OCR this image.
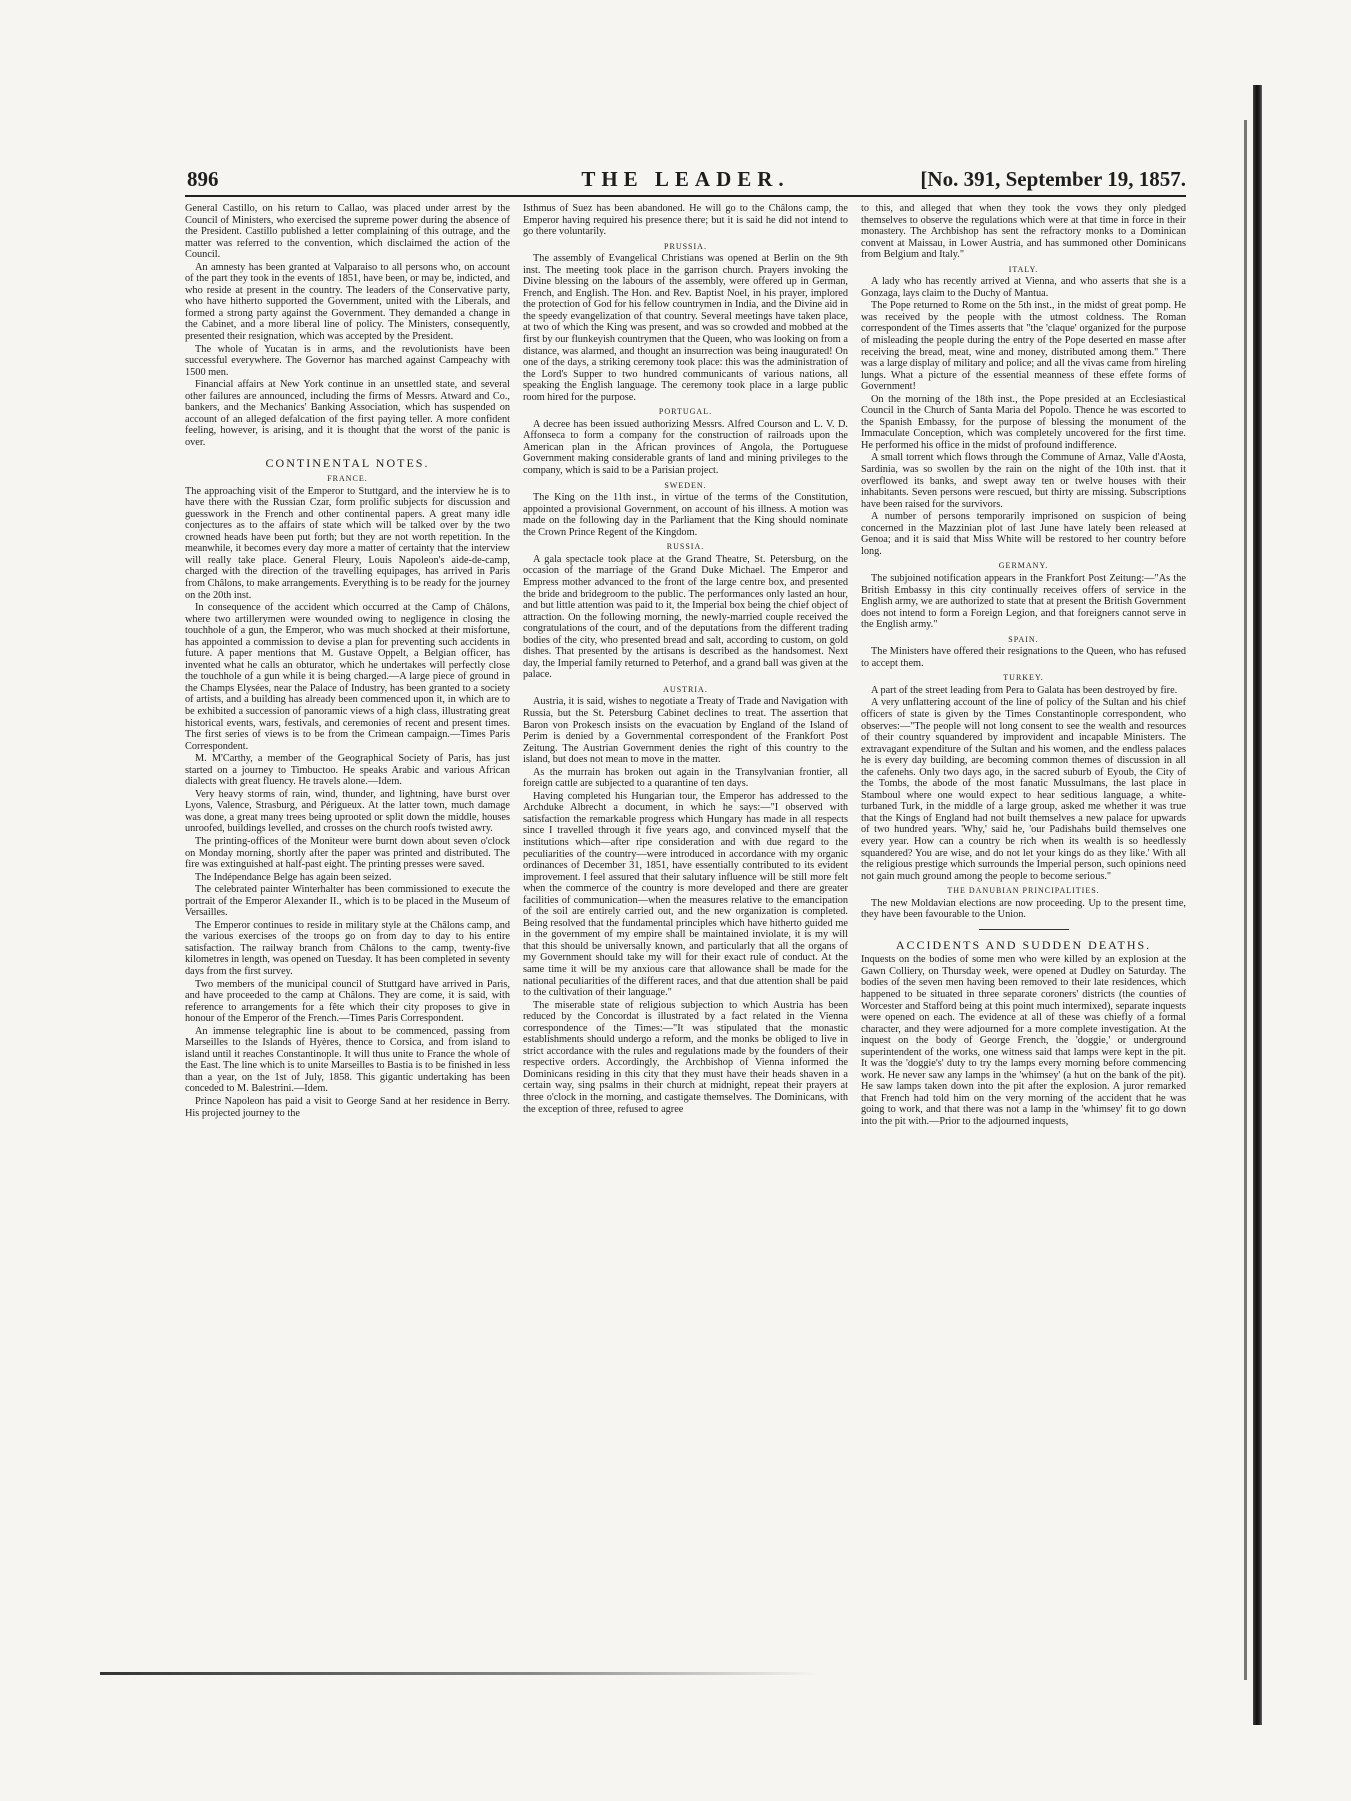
896	THE LEADER.	[No. 391, September 19, 1857.

General Castillo, on his return to Callao, was placed under arrest by the Council of Ministers, who exercised the supreme power during the absence of the President. Castillo published a letter complaining of this outrage, and the matter was referred to the convention, which disclaimed the action of the Council.

An amnesty has been granted at Valparaiso to all persons who, on account of the part they took in the events of 1851, have been, or may be, indicted, and who reside at present in the country. The leaders of the Conservative party, who have hitherto supported the Government, united with the Liberals, and formed a strong party against the Government. They demanded a change in the Cabinet, and a more liberal line of policy. The Ministers, consequently, presented their resignation, which was accepted by the President.

The whole of Yucatan is in arms, and the revolutionists have been successful everywhere. The Governor has marched against Campeachy with 1500 men.

Financial affairs at New York continue in an unsettled state, and several other failures are announced, including the firms of Messrs. Atward and Co., bankers, and the Mechanics' Banking Association, which has suspended on account of an alleged defalcation of the first paying teller. A more confident feeling, however, is arising, and it is thought that the worst of the panic is over.

CONTINENTAL NOTES.
FRANCE.

The approaching visit of the Emperor to Stuttgard, and the interview he is to have there with the Russian Czar, form prolific subjects for discussion and guesswork in the French and other continental papers. A great many idle conjectures as to the affairs of state which will be talked over by the two crowned heads have been put forth; but they are not worth repetition. In the meanwhile, it becomes every day more a matter of certainty that the interview will really take place. General Fleury, Louis Napoleon's aide-de-camp, charged with the direction of the travelling equipages, has arrived in Paris from Châlons, to make arrangements. Everything is to be ready for the journey on the 20th inst.

In consequence of the accident which occurred at the Camp of Châlons, where two artillerymen were wounded owing to negligence in closing the touchhole of a gun, the Emperor, who was much shocked at their misfortune, has appointed a commission to devise a plan for preventing such accidents in future. A paper mentions that M. Gustave Oppelt, a Belgian officer, has invented what he calls an obturator, which he undertakes will perfectly close the touchhole of a gun while it is being charged.—A large piece of ground in the Champs Elysées, near the Palace of Industry, has been granted to a society of artists, and a building has already been commenced upon it, in which are to be exhibited a succession of panoramic views of a high class, illustrating great historical events, wars, festivals, and ceremonies of recent and present times. The first series of views is to be from the Crimean campaign.—Times Paris Correspondent.

M. M'Carthy, a member of the Geographical Society of Paris, has just started on a journey to Timbuctoo. He speaks Arabic and various African dialects with great fluency. He travels alone.—Idem.

Very heavy storms of rain, wind, thunder, and lightning, have burst over Lyons, Valence, Strasburg, and Périgueux. At the latter town, much damage was done, a great many trees being uprooted or split down the middle, houses unroofed, buildings levelled, and crosses on the church roofs twisted awry.

The printing-offices of the Moniteur were burnt down about seven o'clock on Monday morning, shortly after the paper was printed and distributed. The fire was extinguished at half-past eight. The printing presses were saved.

The Indépendance Belge has again been seized.

The celebrated painter Winterhalter has been commissioned to execute the portrait of the Emperor Alexander II., which is to be placed in the Museum of Versailles.

The Emperor continues to reside in military style at the Châlons camp, and the various exercises of the troops go on from day to day to his entire satisfaction. The railway branch from Châlons to the camp, twenty-five kilometres in length, was opened on Tuesday. It has been completed in seventy days from the first survey.

Two members of the municipal council of Stuttgard have arrived in Paris, and have proceeded to the camp at Châlons. They are come, it is said, with reference to arrangements for a fête which their city proposes to give in honour of the Emperor of the French.—Times Paris Correspondent.

An immense telegraphic line is about to be commenced, passing from Marseilles to the Islands of Hyères, thence to Corsica, and from island to island until it reaches Constantinople. It will thus unite to France the whole of the East. The line which is to unite Marseilles to Bastia is to be finished in less than a year, on the 1st of July, 1858. This gigantic undertaking has been conceded to M. Balestrini.—Idem.

Prince Napoleon has paid a visit to George Sand at her residence in Berry. His projected journey to the

Isthmus of Suez has been abandoned. He will go to the Châlons camp, the Emperor having required his presence there; but it is said he did not intend to go there voluntarily.

PRUSSIA.

The assembly of Evangelical Christians was opened at Berlin on the 9th inst. The meeting took place in the garrison church. Prayers invoking the Divine blessing on the labours of the assembly, were offered up in German, French, and English. The Hon. and Rev. Baptist Noel, in his prayer, implored the protection of God for his fellow countrymen in India, and the Divine aid in the speedy evangelization of that country. Several meetings have taken place, at two of which the King was present, and was so crowded and mobbed at the first by our flunkeyish countrymen that the Queen, who was looking on from a distance, was alarmed, and thought an insurrection was being inaugurated! On one of the days, a striking ceremony took place: this was the administration of the Lord's Supper to two hundred communicants of various nations, all speaking the English language. The ceremony took place in a large public room hired for the purpose.

PORTUGAL.

A decree has been issued authorizing Messrs. Alfred Courson and L. V. D. Affonseca to form a company for the construction of railroads upon the American plan in the African provinces of Angola, the Portuguese Government making considerable grants of land and mining privileges to the company, which is said to be a Parisian project.

SWEDEN.

The King on the 11th inst., in virtue of the terms of the Constitution, appointed a provisional Government, on account of his illness. A motion was made on the following day in the Parliament that the King should nominate the Crown Prince Regent of the Kingdom.

RUSSIA.

A gala spectacle took place at the Grand Theatre, St. Petersburg, on the occasion of the marriage of the Grand Duke Michael. The Emperor and Empress mother advanced to the front of the large centre box, and presented the bride and bridegroom to the public. The performances only lasted an hour, and but little attention was paid to it, the Imperial box being the chief object of attraction. On the following morning, the newly-married couple received the congratulations of the court, and of the deputations from the different trading bodies of the city, who presented bread and salt, according to custom, on gold dishes. That presented by the artisans is described as the handsomest. Next day, the Imperial family returned to Peterhof, and a grand ball was given at the palace.

AUSTRIA.

Austria, it is said, wishes to negotiate a Treaty of Trade and Navigation with Russia, but the St. Petersburg Cabinet declines to treat. The assertion that Baron von Prokesch insists on the evacuation by England of the Island of Perim is denied by a Governmental correspondent of the Frankfort Post Zeitung. The Austrian Government denies the right of this country to the island, but does not mean to move in the matter.

As the murrain has broken out again in the Transylvanian frontier, all foreign cattle are subjected to a quarantine of ten days.

Having completed his Hungarian tour, the Emperor has addressed to the Archduke Albrecht a document, in which he says:—"I observed with satisfaction the remarkable progress which Hungary has made in all respects since I travelled through it five years ago, and convinced myself that the institutions which—after ripe consideration and with due regard to the peculiarities of the country—were introduced in accordance with my organic ordinances of December 31, 1851, have essentially contributed to its evident improvement. I feel assured that their salutary influence will be still more felt when the commerce of the country is more developed and there are greater facilities of communication—when the measures relative to the emancipation of the soil are entirely carried out, and the new organization is completed. Being resolved that the fundamental principles which have hitherto guided me in the government of my empire shall be maintained inviolate, it is my will that this should be universally known, and particularly that all the organs of my Government should take my will for their exact rule of conduct. At the same time it will be my anxious care that allowance shall be made for the national peculiarities of the different races, and that due attention shall be paid to the cultivation of their language."

The miserable state of religious subjection to which Austria has been reduced by the Concordat is illustrated by a fact related in the Vienna correspondence of the Times:—"It was stipulated that the monastic establishments should undergo a reform, and the monks be obliged to live in strict accordance with the rules and regulations made by the founders of their respective orders. Accordingly, the Archbishop of Vienna informed the Dominicans residing in this city that they must have their heads shaven in a certain way, sing psalms in their church at midnight, repeat their prayers at three o'clock in the morning, and castigate themselves. The Dominicans, with the exception of three, refused to agree

to this, and alleged that when they took the vows they only pledged themselves to observe the regulations which were at that time in force in their monastery. The Archbishop has sent the refractory monks to a Dominican convent at Maissau, in Lower Austria, and has summoned other Dominicans from Belgium and Italy."

ITALY.

A lady who has recently arrived at Vienna, and who asserts that she is a Gonzaga, lays claim to the Duchy of Mantua.

The Pope returned to Rome on the 5th inst., in the midst of great pomp. He was received by the people with the utmost coldness. The Roman correspondent of the Times asserts that "the 'claque' organized for the purpose of misleading the people during the entry of the Pope deserted en masse after receiving the bread, meat, wine and money, distributed among them." There was a large display of military and police; and all the vivas came from hireling lungs. What a picture of the essential meanness of these effete forms of Government!

On the morning of the 18th inst., the Pope presided at an Ecclesiastical Council in the Church of Santa Maria del Popolo. Thence he was escorted to the Spanish Embassy, for the purpose of blessing the monument of the Immaculate Conception, which was completely uncovered for the first time. He performed his office in the midst of profound indifference.

A small torrent which flows through the Commune of Arnaz, Valle d'Aosta, Sardinia, was so swollen by the rain on the night of the 10th inst. that it overflowed its banks, and swept away ten or twelve houses with their inhabitants. Seven persons were rescued, but thirty are missing. Subscriptions have been raised for the survivors.

A number of persons temporarily imprisoned on suspicion of being concerned in the Mazzinian plot of last June have lately been released at Genoa; and it is said that Miss White will be restored to her country before long.

GERMANY.

The subjoined notification appears in the Frankfort Post Zeitung:—"As the British Embassy in this city continually receives offers of service in the English army, we are authorized to state that at present the British Government does not intend to form a Foreign Legion, and that foreigners cannot serve in the English army."

SPAIN.

The Ministers have offered their resignations to the Queen, who has refused to accept them.

TURKEY.

A part of the street leading from Pera to Galata has been destroyed by fire.

A very unflattering account of the line of policy of the Sultan and his chief officers of state is given by the Times Constantinople correspondent, who observes:—"The people will not long consent to see the wealth and resources of their country squandered by improvident and incapable Ministers. The extravagant expenditure of the Sultan and his women, and the endless palaces he is every day building, are becoming common themes of discussion in all the cafenehs. Only two days ago, in the sacred suburb of Eyoub, the City of the Tombs, the abode of the most fanatic Mussulmans, the last place in Stamboul where one would expect to hear seditious language, a white-turbaned Turk, in the middle of a large group, asked me whether it was true that the Kings of England had not built themselves a new palace for upwards of two hundred years. 'Why,' said he, 'our Padishahs build themselves one every year. How can a country be rich when its wealth is so heedlessly squandered? You are wise, and do not let your kings do as they like.' With all the religious prestige which surrounds the Imperial person, such opinions need not gain much ground among the people to become serious."

THE DANUBIAN PRINCIPALITIES.

The new Moldavian elections are now proceeding. Up to the present time, they have been favourable to the Union.

ACCIDENTS AND SUDDEN DEATHS.

Inquests on the bodies of some men who were killed by an explosion at the Gawn Colliery, on Thursday week, were opened at Dudley on Saturday. The bodies of the seven men having been removed to their late residences, which happened to be situated in three separate coroners' districts (the counties of Worcester and Stafford being at this point much intermixed), separate inquests were opened on each. The evidence at all of these was chiefly of a formal character, and they were adjourned for a more complete investigation. At the inquest on the body of George French, the 'doggie,' or underground superintendent of the works, one witness said that lamps were kept in the pit. It was the 'doggie's' duty to try the lamps every morning before commencing work. He never saw any lamps in the 'whimsey' (a hut on the bank of the pit). He saw lamps taken down into the pit after the explosion. A juror remarked that French had told him on the very morning of the accident that he was going to work, and that there was not a lamp in the 'whimsey' fit to go down into the pit with.—Prior to the adjourned inquests,
